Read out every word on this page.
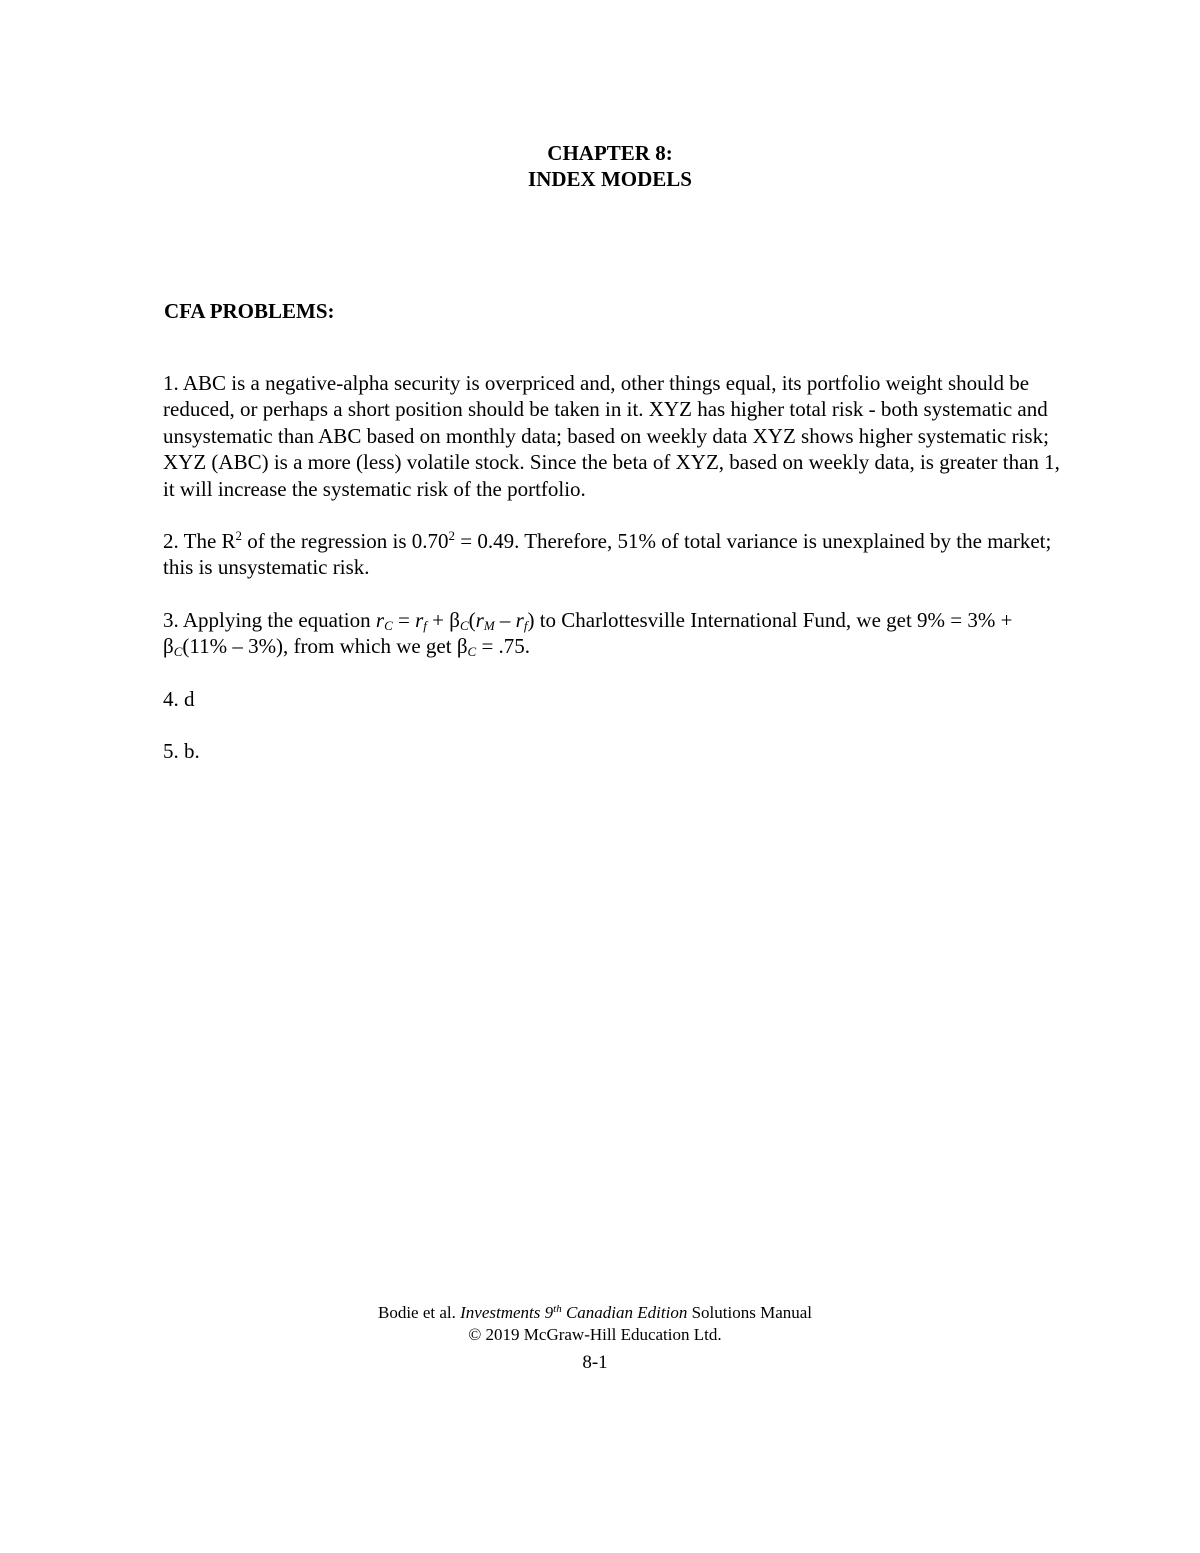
CHAPTER 8:
INDEX MODELS
CFA PROBLEMS:

1. ABC is a negative-alpha security is overpriced and, other things equal, its portfolio weight should be reduced, or perhaps a short position should be taken in it. XYZ has higher total risk - both systematic and unsystematic than ABC based on monthly data; based on weekly data XYZ shows higher systematic risk; XYZ (ABC) is a more (less) volatile stock. Since the beta of XYZ, based on weekly data, is greater than 1, it will increase the systematic risk of the portfolio.

2. The $R^2$ of the regression is $0.70^2 = 0.49$. Therefore, 51% of total variance is unexplained by the market; this is unsystematic risk.

3. Applying the equation $r_C = r_f + \beta_C(r_M - r_f)$ to Charlottesville International Fund, we get $9\% = 3\% + \beta_C(11\% - 3\%)$, from which we get $\beta_C = .75$.

4. d

5. b.

Bodie et al. Investments 9th Canadian Edition Solutions Manual
© 2019 McGraw-Hill Education Ltd.
8-1
